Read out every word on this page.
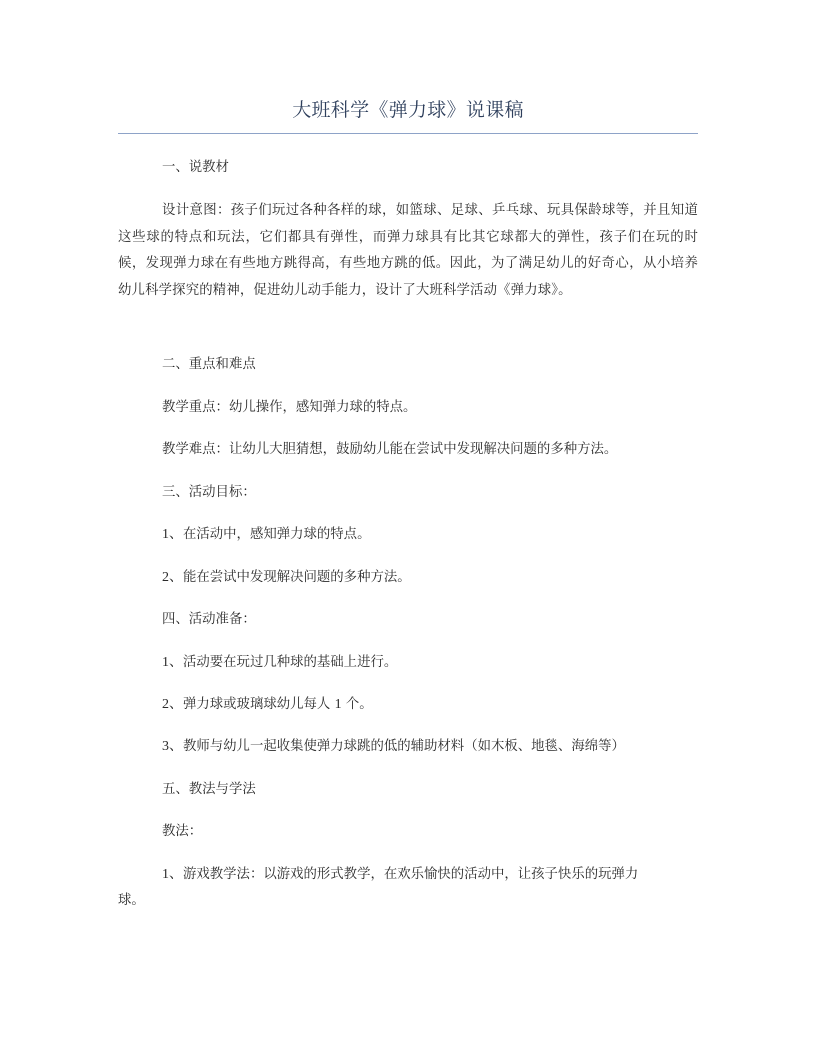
大班科学《弹力球》说课稿
一、说教材
设计意图：孩子们玩过各种各样的球，如篮球、足球、乒乓球、玩具保龄球等，并且知道这些球的特点和玩法，它们都具有弹性，而弹力球具有比其它球都大的弹性，孩子们在玩的时候，发现弹力球在有些地方跳得高，有些地方跳的低。因此，为了满足幼儿的好奇心，从小培养幼儿科学探究的精神，促进幼儿动手能力，设计了大班科学活动《弹力球》。
二、重点和难点
教学重点：幼儿操作，感知弹力球的特点。
教学难点：让幼儿大胆猜想，鼓励幼儿能在尝试中发现解决问题的多种方法。
三、活动目标：
1、在活动中，感知弹力球的特点。
2、能在尝试中发现解决问题的多种方法。
四、活动准备：
1、活动要在玩过几种球的基础上进行。
2、弹力球或玻璃球幼儿每人 1 个。
3、教师与幼儿一起收集使弹力球跳的低的辅助材料（如木板、地毯、海绵等）
五、教法与学法
教法：
1、游戏教学法：以游戏的形式教学，在欢乐愉快的活动中，让孩子快乐的玩弹力
球。
